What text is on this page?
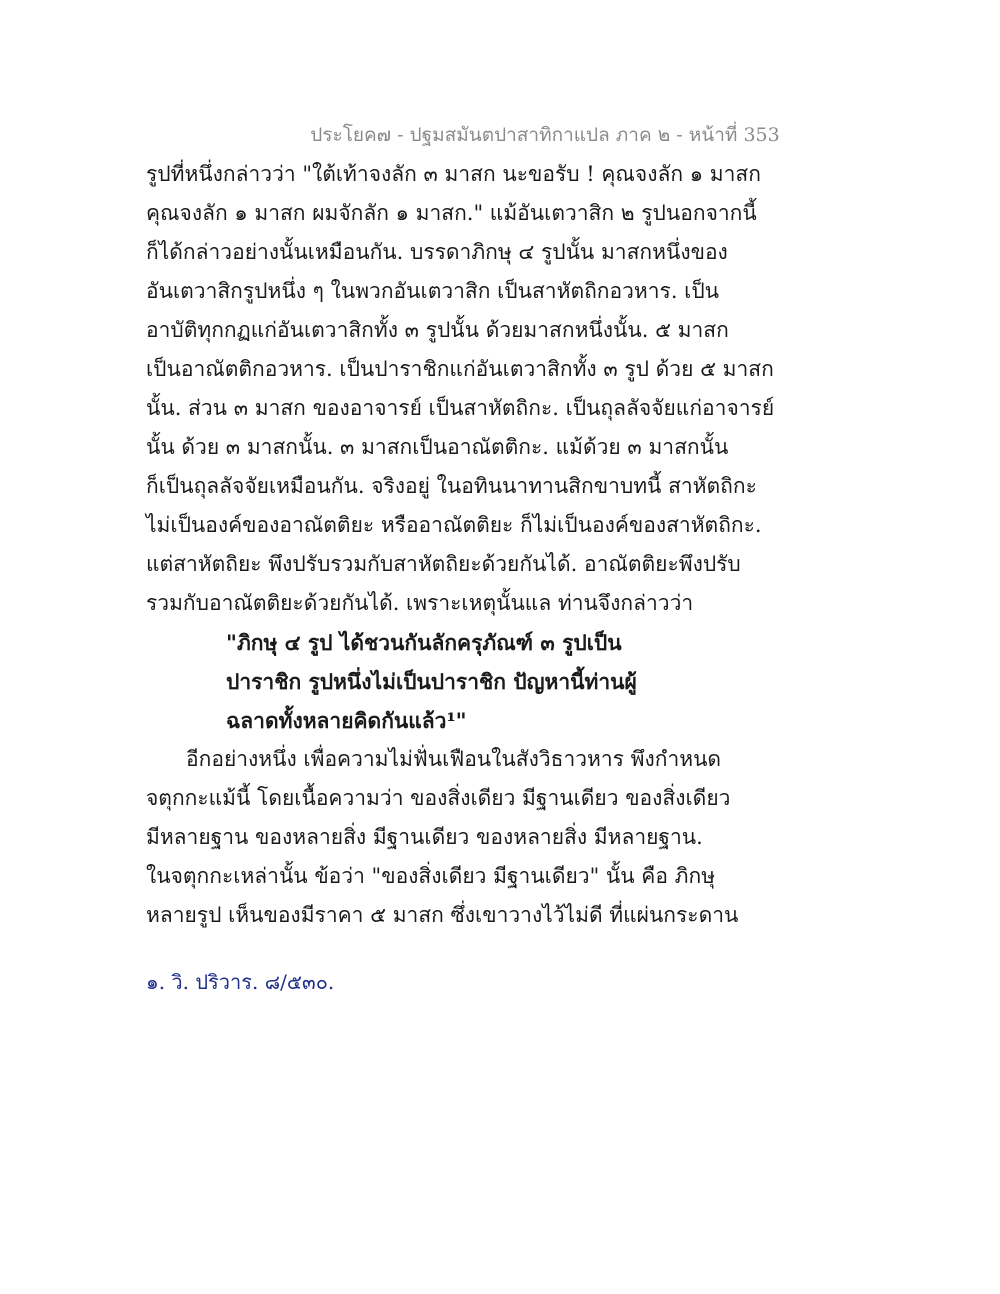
ประโยค๗ - ปฐมสมันตปาสาทิกาแปล ภาค ๒ - หน้าที่ 353
รูปที่หนึ่งกล่าวว่า "ใต้เท้าจงลัก ๓ มาสก นะขอรับ ! คุณจงลัก ๑ มาสก
คุณจงลัก ๑ มาสก ผมจักลัก ๑ มาสก." แม้อันเตวาสิก ๒ รูปนอกจากนี้
ก็ได้กล่าวอย่างนั้นเหมือนกัน. บรรดาภิกษุ ๔ รูปนั้น มาสกหนึ่งของ
อันเตวาสิกรูปหนึ่ง ๆ ในพวกอันเตวาสิก เป็นสาหัตถิกอวหาร. เป็น
อาบัติทุกกฏแก่อันเตวาสิกทั้ง ๓ รูปนั้น ด้วยมาสกหนึ่งนั้น. ๕ มาสก
เป็นอาณัตติกอวหาร. เป็นปาราชิกแก่อันเตวาสิกทั้ง ๓ รูป ด้วย ๕ มาสก
นั้น. ส่วน ๓ มาสก ของอาจารย์ เป็นสาหัตถิกะ. เป็นถุลลัจจัยแก่อาจารย์
นั้น ด้วย ๓ มาสกนั้น. ๓ มาสกเป็นอาณัตติกะ. แม้ด้วย ๓ มาสกนั้น
ก็เป็นถุลลัจจัยเหมือนกัน. จริงอยู่ ในอทินนาทานสิกขาบทนี้ สาหัตถิกะ
ไม่เป็นองค์ของอาณัตติยะ หรืออาณัตติยะ ก็ไม่เป็นองค์ของสาหัตถิกะ.
แต่สาหัตถิยะ พึงปรับรวมกับสาหัตถิยะด้วยกันได้. อาณัตติยะพึงปรับ
รวมกับอาณัตติยะด้วยกันได้. เพราะเหตุนั้นแล ท่านจึงกล่าวว่า
"ภิกษุ ๔ รูป ได้ชวนกันลักครุภัณฑ์ ๓ รูปเป็น
ปาราชิก รูปหนึ่งไม่เป็นปาราชิก ปัญหานี้ท่านผู้
ฉลาดทั้งหลายคิดกันแล้ว¹"
อีกอย่างหนึ่ง เพื่อความไม่ฟั่นเฟือนในสังวิธาวหาร พึงกำหนด
จตุกกะแม้นี้ โดยเนื้อความว่า ของสิ่งเดียว มีฐานเดียว ของสิ่งเดียว
มีหลายฐาน ของหลายสิ่ง มีฐานเดียว ของหลายสิ่ง มีหลายฐาน.
ในจตุกกะเหล่านั้น ข้อว่า "ของสิ่งเดียว มีฐานเดียว" นั้น คือ ภิกษุ
หลายรูป เห็นของมีราคา ๕ มาสก ซึ่งเขาวางไว้ไม่ดี ที่แผ่นกระดาน
๑. วิ. ปริวาร. ๘/๕๓๐.
